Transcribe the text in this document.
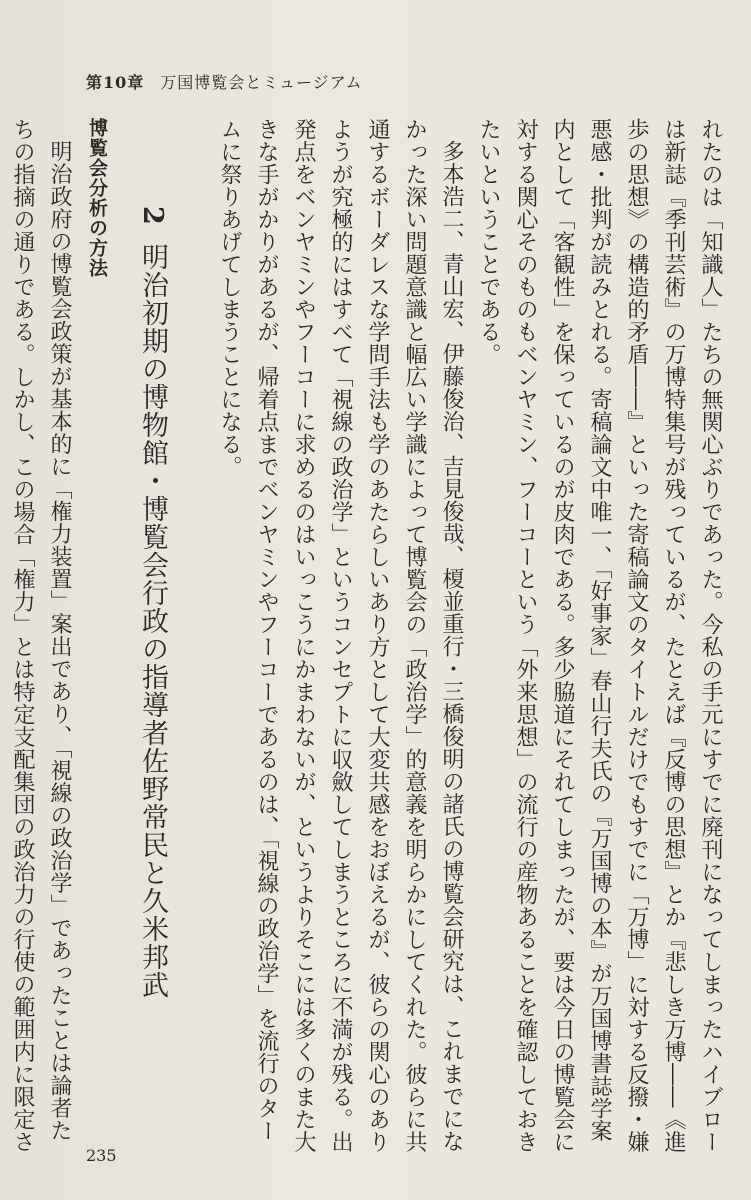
第10章 万国博覧会とミュージアム

れたのは「知識人」たちの無関心ぶりであった。今私の手元にすでに廃刊になってしまったハイブローは新誌『季刊芸術』の万博特集号が残っているが、たとえば『反博の思想』とか『悲しき万博――《進歩の思想》の構造的矛盾――』といった寄稿論文のタイトルだけでもすでに「万博」に対する反撥・嫌悪感・批判が読みとれる。寄稿論文中唯一、「好事家」春山行夫氏の『万国博の本』が万国博書誌学案内として「客観性」を保っているのが皮肉である。多少脇道にそれてしまったが、要は今日の博覧会に対する関心そのものもベンヤミン、フーコーという「外来思想」の流行の産物あることを確認しておきたいということである。

多本浩二、青山宏、伊藤俊治、吉見俊哉、榎並重行・三橋俊明の諸氏の博覧会研究は、これまでになかった深い問題意識と幅広い学識によって博覧会の「政治学」的意義を明らかにしてくれた。彼らに共通するボーダレスな学問手法も学のあたらしいあり方として大変共感をおぼえるが、彼らの関心のありようが究極的にはすべて「視線の政治学」というコンセプトに収斂してしまうところに不満が残る。出発点をベンヤミンやフーコーに求めるのはいっこうにかまわないが、というよりそこには多くのまた大きな手がかりがあるが、帰着点までベンヤミンやフーコーであるのは、「視線の政治学」を流行のタームに祭りあげてしまうことになる。

2明治初期の博物館・博覧会行政の指導者佐野常民と久米邦武
博覧会分析の方法

明治政府の博覧会政策が基本的に「権力装置」案出であり、「視線の政治学」であったことは論者たちの指摘の通りである。しかし、この場合「権力」とは特定支配集団の政治力の行使の範囲内に限定さ

235
